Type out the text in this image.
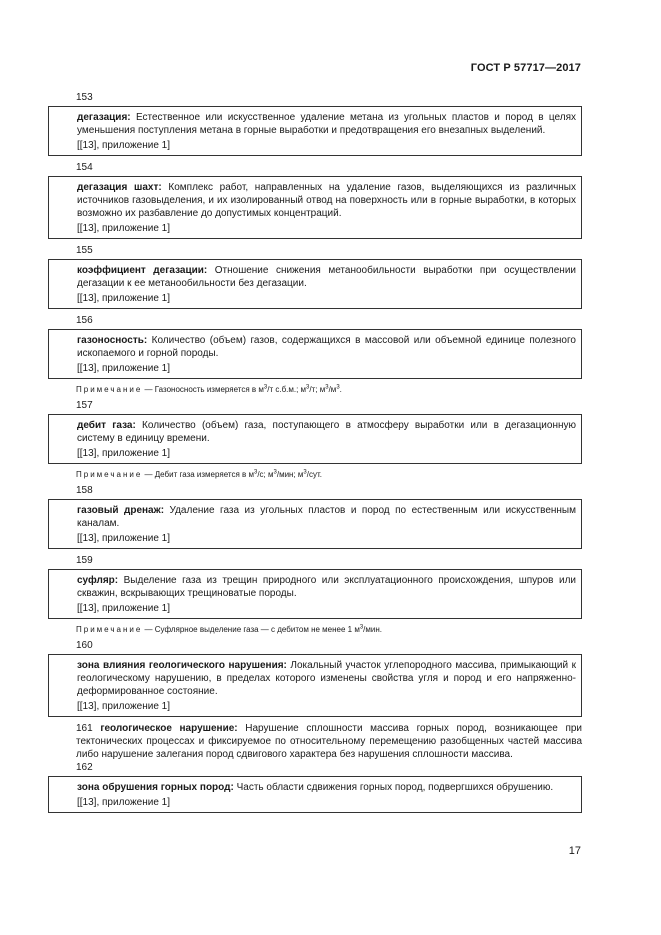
ГОСТ Р 57717—2017
153

дегазация: Естественное или искусственное удаление метана из угольных пластов и пород в целях уменьшения поступления метана в горные выработки и предотвращения его внезапных выделений.

[[13], приложение 1]

154

дегазация шахт: Комплекс работ, направленных на удаление газов, выделяющихся из различных источников газовыделения, и их изолированный отвод на поверхность или в горные выработки, в которых возможно их разбавление до допустимых концентраций.

[[13], приложение 1]

155

коэффициент дегазации: Отношение снижения метанообильности выработки при осуществлении дегазации к ее метанообильности без дегазации.

[[13], приложение 1]

156

газоносность: Количество (объем) газов, содержащихся в массовой или объемной единице полезного ископаемого и горной породы.

[[13], приложение 1]

Примечание — Газоносность измеряется в $м^3/т$ с.б.м.; $м^3/т$; $м^3/м^3$.
157

дебит газа: Количество (объем) газа, поступающего в атмосферу выработки или в дегазационную систему в единицу времени.

[[13], приложение 1]

Примечание — Дебит газа измеряется в $м^3/с$; $м^3$/мин; $м^3$/сут.
158

газовый дренаж: Удаление газа из угольных пластов и пород по естественным или искусственным каналам.

[[13], приложение 1]

159

суфляр: Выделение газа из трещин природного или эксплуатационного происхождения, шпуров или скважин, вскрывающих трещиноватые породы.

[[13], приложение 1]

Примечание — Суфлярное выделение газа — с дебитом не менее 1 $м^3$/мин.
160

зона влияния геологического нарушения: Локальный участок углепородного массива, примыкающий к геологическому нарушению, в пределах которого изменены свойства угля и пород и его напряженно-деформированное состояние.

[[13], приложение 1]

161 геологическое нарушение: Нарушение сплошности массива горных пород, возникающее при тектонических процессах и фиксируемое по относительному перемещению разобщенных частей массива либо нарушение залегания пород сдвигового характера без нарушения сплошности массива.
162

зона обрушения горных пород: Часть области сдвижения горных пород, подвергшихся обрушению.

[[13], приложение 1]

17
